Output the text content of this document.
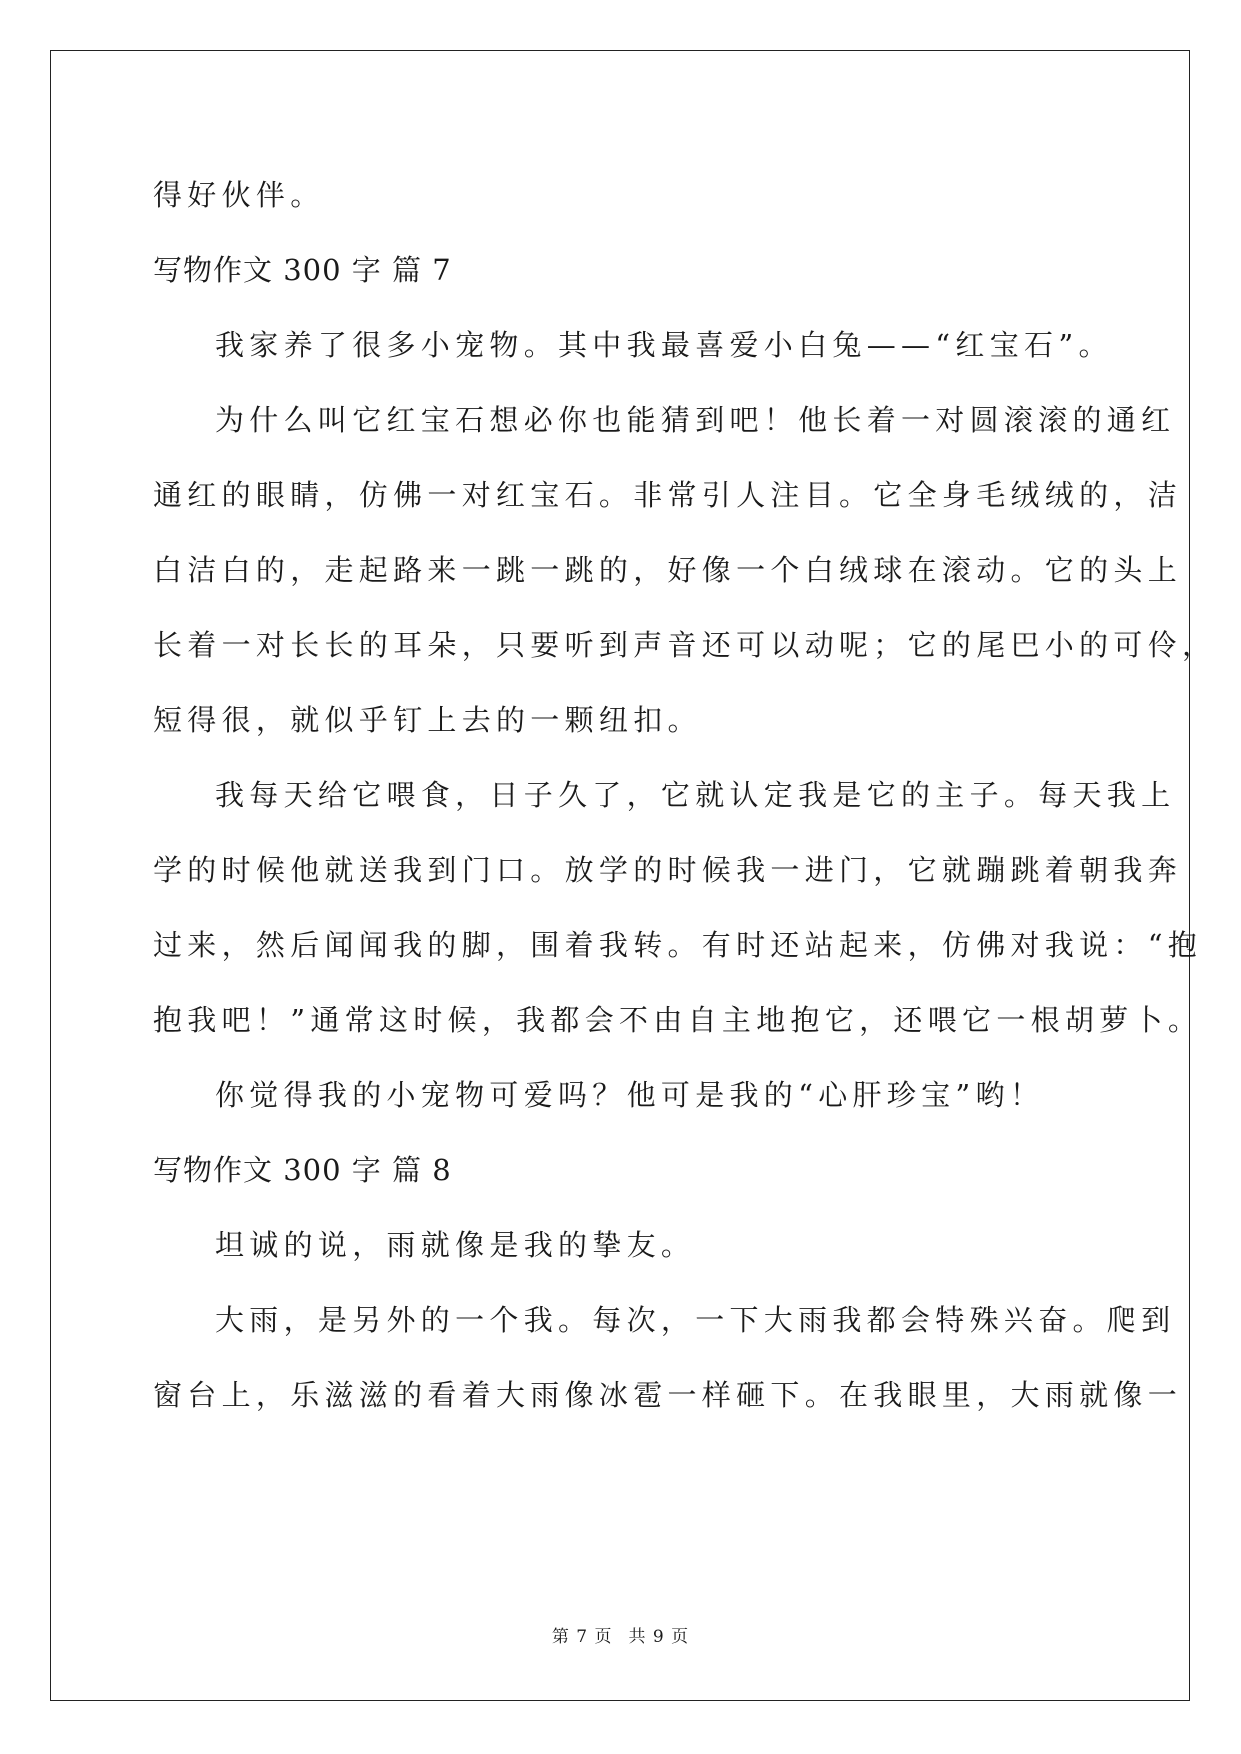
得好伙伴。

写物作文 300 字 篇 7

我家养了很多小宠物。其中我最喜爱小白兔——“红宝石”。

为什么叫它红宝石想必你也能猜到吧！他长着一对圆滚滚的通红

通红的眼睛，仿佛一对红宝石。非常引人注目。它全身毛绒绒的，洁

白洁白的，走起路来一跳一跳的，好像一个白绒球在滚动。它的头上

长着一对长长的耳朵，只要听到声音还可以动呢；它的尾巴小的可伶，

短得很，就似乎钉上去的一颗纽扣。

我每天给它喂食，日子久了，它就认定我是它的主子。每天我上

学的时候他就送我到门口。放学的时候我一进门，它就蹦跳着朝我奔

过来，然后闻闻我的脚，围着我转。有时还站起来，仿佛对我说：“抱

抱我吧！”通常这时候，我都会不由自主地抱它，还喂它一根胡萝卜。

你觉得我的小宠物可爱吗？他可是我的“心肝珍宝”哟！

写物作文 300 字 篇 8

坦诚的说，雨就像是我的挚友。

大雨，是另外的一个我。每次，一下大雨我都会特殊兴奋。爬到

窗台上，乐滋滋的看着大雨像冰雹一样砸下。在我眼里，大雨就像一

第 7 页 共 9 页
